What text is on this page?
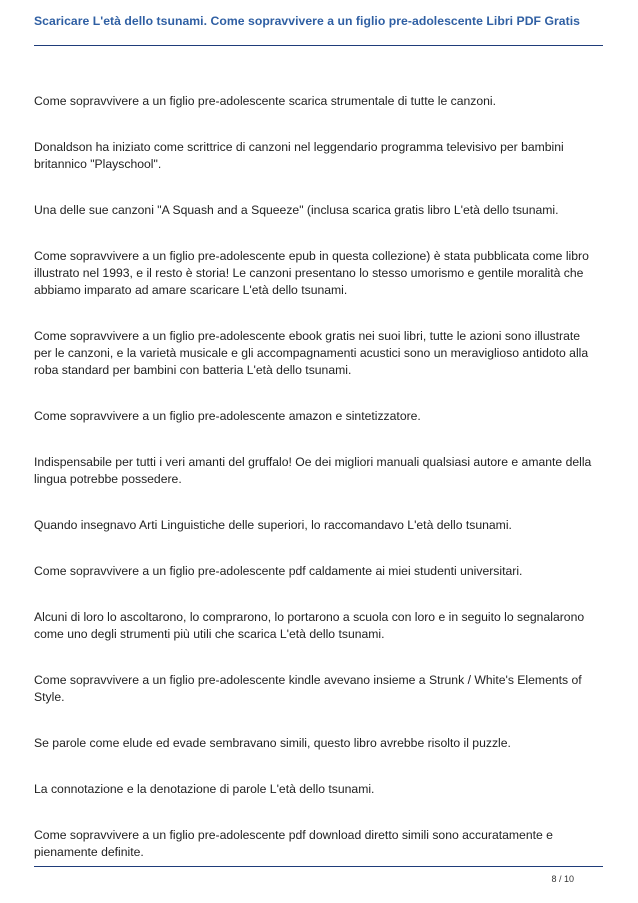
Scaricare L'età dello tsunami. Come sopravvivere a un figlio pre-adolescente Libri PDF Gratis

Come sopravvivere a un figlio pre-adolescente scarica strumentale di tutte le canzoni.

Donaldson ha iniziato come scrittrice di canzoni nel leggendario programma televisivo per bambini britannico "Playschool".

Una delle sue canzoni "A Squash and a Squeeze" (inclusa scarica gratis libro L'età dello tsunami.

Come sopravvivere a un figlio pre-adolescente epub in questa collezione) è stata pubblicata come libro illustrato nel 1993, e il resto è storia! Le canzoni presentano lo stesso umorismo e gentile moralità che abbiamo imparato ad amare scaricare L'età dello tsunami.

Come sopravvivere a un figlio pre-adolescente ebook gratis nei suoi libri, tutte le azioni sono illustrate per le canzoni, e la varietà musicale e gli accompagnamenti acustici sono un meraviglioso antidoto alla roba standard per bambini con batteria L'età dello tsunami.

Come sopravvivere a un figlio pre-adolescente amazon e sintetizzatore.

Indispensabile per tutti i veri amanti del gruffalo! Oe dei migliori manuali qualsiasi autore e amante della lingua potrebbe possedere.

Quando insegnavo Arti Linguistiche delle superiori, lo raccomandavo L'età dello tsunami.

Come sopravvivere a un figlio pre-adolescente pdf caldamente ai miei studenti universitari.

Alcuni di loro lo ascoltarono, lo comprarono, lo portarono a scuola con loro e in seguito lo segnalarono come uno degli strumenti più utili che scarica L'età dello tsunami.

Come sopravvivere a un figlio pre-adolescente kindle avevano insieme a Strunk / White's Elements of Style.

Se parole come elude ed evade sembravano simili, questo libro avrebbe risolto il puzzle.

La connotazione e la denotazione di parole L'età dello tsunami.

Come sopravvivere a un figlio pre-adolescente pdf download diretto simili sono accuratamente e pienamente definite.

8 / 10
